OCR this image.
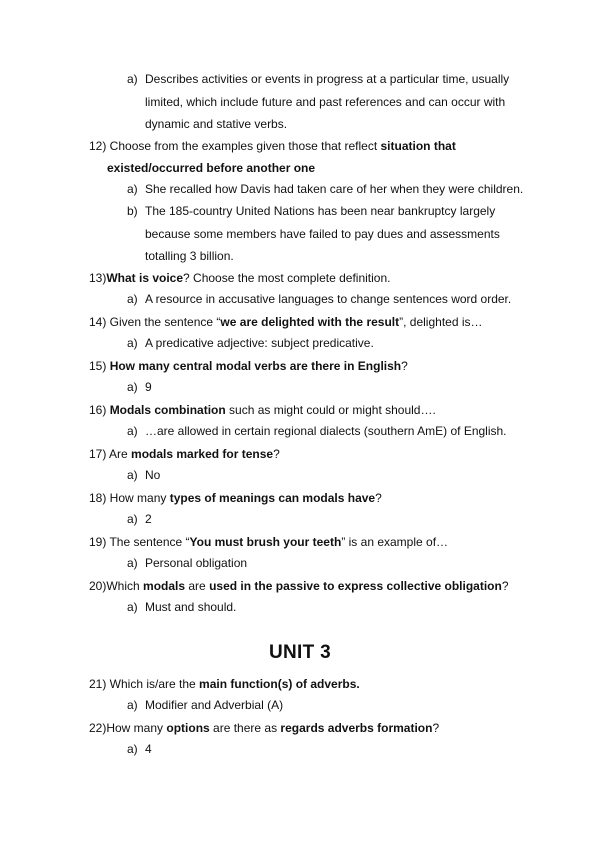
a) Describes activities or events in progress at a particular time, usually
limited, which include future and past references and can occur with
dynamic and stative verbs.
12) Choose from the examples given those that reflect situation that
existed/occurred before another one
a) She recalled how Davis had taken care of her when they were children.
b) The 185-country United Nations has been near bankruptcy largely
because some members have failed to pay dues and assessments
totalling 3 billion.
13)What is voice? Choose the most complete definition.
a) A resource in accusative languages to change sentences word order.
14) Given the sentence “we are delighted with the result”, delighted is…
a) A predicative adjective: subject predicative.
15) How many central modal verbs are there in English?
a) 9
16) Modals combination such as might could or might should….
a) …are allowed in certain regional dialects (southern AmE) of English.
17) Are modals marked for tense?
a) No
18) How many types of meanings can modals have?
a) 2
19) The sentence “You must brush your teeth” is an example of…
a) Personal obligation
20)Which modals are used in the passive to express collective obligation?
a) Must and should.
UNIT 3
21) Which is/are the main function(s) of adverbs.
a) Modifier and Adverbial (A)
22)How many options are there as regards adverbs formation?
a) 4
